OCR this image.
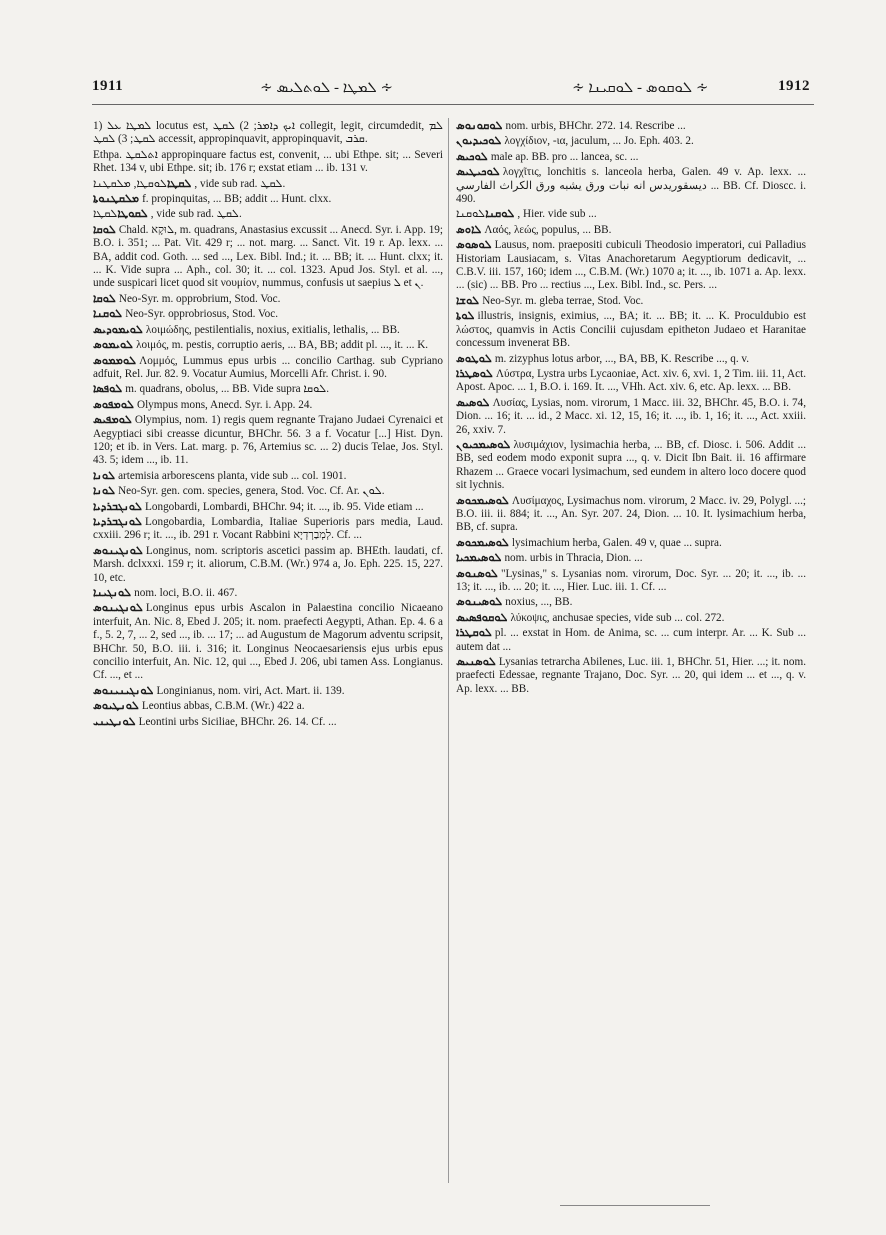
1911	∻ ܠܡܛܐ - ܠܘܬܠܝܣ ∻	∻ ܠܘܩܘܣ - ܠܘܩܝܢܐ ∻	1912

1) ܠܡܛܐ ܥܠ locutus est, ܐܝܟ ܕܐܡܪ; 2) ܠܩܛ collegit, legit, circumdedit, ܠܡ ܠܩܛ; 3) ܠܩܛ accessit, appropinquavit, appropinquavit, ܩܪܒ.

Ethpa. ܐܬܠܩܛ appropinquare factus est, convenit, ... ubi Ethpe. sit; ... Severi Rhet. 134 v, ubi Ethpe. sit; ib. 176 r; exstat etiam ... ib. 131 v.

ܠܩܛܐܠܘܩܛܐ, ܡܠܩܛܢܐ, vide sub rad. ܠܩܛ.

ܡܠܩܛܢܘܬܐ f. propinquitas, ... BB; addit ... Hunt. clxx.

ܠܩܘܛܐܠܩܛܐ, vide sub rad. ܠܩܛ.

ܠܘܩܐ Chald. ܠוּקָא, m. quadrans, Anastasius excussit ... Anecd. Syr. i. App. 19; B.O. i. 351; ... Pat. Vit. 429 r; ... not. marg. ... Sanct. Vit. 19 r. Ap. lexx. ... BA, addit cod. Goth. ... sed ..., Lex. Bibl. Ind.; it. ... BB; it. ... Hunt. clxx; it. ... K. Vide supra ... Aph., col. 30; it. ... col. 1323. Apud Jos. Styl. et al. ..., unde suspicari licet quod sit νουμίον, nummus, confusis ut saepius ܠ et ܢ.

ܠܘܩܐ Neo-Syr. m. opprobrium, Stod. Voc.

ܠܘܩܢܐ Neo-Syr. opprobriosus, Stod. Voc.

ܠܘܝܡܘܕܝܣ λοιμώδης, pestilentialis, noxius, exitialis, lethalis, ... BB.

ܠܘܝܡܘܣ λοιμός, m. pestis, corruptio aeris, ... BA, BB; addit pl. ..., it. ... K.

ܠܘܡܡܘܣ Λομμός, Lummus epus urbis ... concilio Carthag. sub Cypriano adfuit, Rel. Jur. 82. 9. Vocatur Aumius, Morcelli Afr. Christ. i. 90.

ܠܘܦܣܐ m. quadrans, obolus, ... BB. Vide supra ܠܘܩܐ.

ܠܘܡܦܘܣ Olympus mons, Anecd. Syr. i. App. 24.

ܠܘܡܦܝܣ Olympius, nom. 1) regis quem regnante Trajano Judaei Cyrenaici et Aegyptiaci sibi creasse dicuntur, BHChr. 56. 3 a f. Vocatur [...] Hist. Dyn. 120; et ib. in Vers. Lat. marg. p. 76, Artemius sc. ... 2) ducis Telae, Jos. Styl. 43. 5; idem ..., ib. 11.

ܠܘܢܐ artemisia arborescens planta, vide sub ... col. 1901.

ܠܘܢܐ Neo-Syr. gen. com. species, genera, Stod. Voc. Cf. Ar. ܠܘܢ.

ܠܘܢܓܒܪܕܝܐ Longobardi, Lombardi, BHChr. 94; it. ..., ib. 95. Vide etiam ...

ܠܘܢܓܒܪܕܝܐ Longobardia, Lombardia, Italiae Superioris pars media, Laud. cxxiii. 296 r; it. ..., ib. 291 r. Vocant Rabbini לְמְבַרְדְיָא. Cf. ...

ܠܘܢܓܝܢܘܣ Longinus, nom. scriptoris ascetici passim ap. BHEth. laudati, cf. Marsh. dclxxxi. 159 r; it. aliorum, C.B.M. (Wr.) 974 a, Jo. Eph. 225. 15, 227. 10, etc.

ܠܘܢܓܝܢܐ nom. loci, B.O. ii. 467.

ܠܘܢܓܝܢܘܣ Longinus epus urbis Ascalon in Palaestina concilio Nicaeano interfuit, An. Nic. 8, Ebed J. 205; it. nom. praefecti Aegypti, Athan. Ep. 4. 6 a f., 5. 2, 7, ... 2, sed ..., ib. ... 17; ... ad Augustum de Magorum adventu scripsit, BHChr. 50, B.O. iii. i. 316; it. Longinus Neocaesariensis ejus urbis epus concilio interfuit, An. Nic. 12, qui ..., Ebed J. 206, ubi tamen Ass. Longianus. Cf. ..., et ...

ܠܘܢܓܝܢܝܢܘܣ Longinianus, nom. viri, Act. Mart. ii. 139.

ܠܘܢܛܝܘܣ Leontius abbas, C.B.M. (Wr.) 422 a.

ܠܘܢܛܝܢܝ Leontini urbs Siciliae, BHChr. 26. 14. Cf. ...

ܠܘܩܘܢܘܣ nom. urbis, BHChr. 272. 14. Rescribe ...

ܠܘܟܝܕܝܘܢ λογχίδιον, -ια, jaculum, ... Jo. Eph. 403. 2.

ܠܘܟܝܣ male ap. BB. pro ... lancea, sc. ...

ܠܘܟܝܛܝܣ λογχῖτις, lonchitis s. lanceola herba, Galen. 49 v. Ap. lexx. ... ديسقوريدس انه نبات ورق يشبه ورق الكراث الفارسي ... BB. Cf. Dioscc. i. 490.

ܠܘܩܢܐܠܘܩܢܐ, Hier. vide sub ...

ܠܐܘܣ Λαός, λεώς, populus, ... BB.

ܠܘܣܘܣ Lausus, nom. praepositi cubiculi Theodosio imperatori, cui Palladius Historiam Lausiacam, s. Vitas Anachoretarum Aegyptiorum dedicavit, ... C.B.V. iii. 157, 160; idem ..., C.B.M. (Wr.) 1070 a; it. ..., ib. 1071 a. Ap. lexx. ... (sic) ... BB. Pro ... rectius ..., Lex. Bibl. Ind., sc. Pers. ...

ܠܘܫܐ Neo-Syr. m. gleba terrae, Stod. Voc.

ܠܘܬܐ illustris, insignis, eximius, ..., BA; it. ... BB; it. ... K. Proculdubio est λώστος, quamvis in Actis Concilii cujusdam epitheton Judaeo et Haranitae concessum invenerat BB.

ܠܘܛܘܣ m. zizyphus lotus arbor, ..., BA, BB, K. Rescribe ..., q. v.

ܠܘܣܛܪܐ Λύστρα, Lystra urbs Lycaoniae, Act. xiv. 6, xvi. 1, 2 Tim. iii. 11, Act. Apost. Apoc. ... 1, B.O. i. 169. It. ..., VHh. Act. xiv. 6, etc. Ap. lexx. ... BB.

ܠܘܣܝܣ Λυσίας, Lysias, nom. virorum, 1 Macc. iii. 32, BHChr. 45, B.O. i. 74, Dion. ... 16; it. ... id., 2 Macc. xi. 12, 15, 16; it. ..., ib. 1, 16; it. ..., Act. xxiii. 26, xxiv. 7.

ܠܘܣܝܡܟܝܘܢ λυσιμάχιον, lysimachia herba, ... BB, cf. Diosc. i. 506. Addit ... BB, sed eodem modo exponit supra ..., q. v. Dicit Ibn Bait. ii. 16 affirmare Rhazem ... Graece vocari lysimachum, sed eundem in altero loco docere quod sit lychnis.

ܠܘܣܝܡܟܘܣ Λυσίμαχος, Lysimachus nom. virorum, 2 Macc. iv. 29, Polygl. ...; B.O. iii. ii. 884; it. ..., An. Syr. 207. 24, Dion. ... 10. It. lysimachium herba, BB, cf. supra.

ܠܘܣܝܡܟܘܣ lysimachium herba, Galen. 49 v, quae ... supra.

ܠܘܣܝܡܟܝܐ nom. urbis in Thracia, Dion. ...

ܠܘܣܢܘܣ "Lysinas," s. Lysanias nom. virorum, Doc. Syr. ... 20; it. ..., ib. ... 13; it. ..., ib. ... 20; it. ..., Hier. Luc. iii. 1. Cf. ...

ܠܘܣܝܢܘܣ noxius, ..., BB.

ܠܘܩܘܦܣܝܣ λύκοψις, anchusae species, vide sub ... col. 272.

ܠܘܩܛܪܐ pl. ... exstat in Hom. de Anima, sc. ... cum interpr. Ar. ... K. Sub ... autem dat ...

ܠܘܣܢܝܣ Lysanias tetrarcha Abilenes, Luc. iii. 1, BHChr. 51, Hier. ...; it. nom. praefecti Edessae, regnante Trajano, Doc. Syr. ... 20, qui idem ... et ..., q. v. Ap. lexx. ... BB.
